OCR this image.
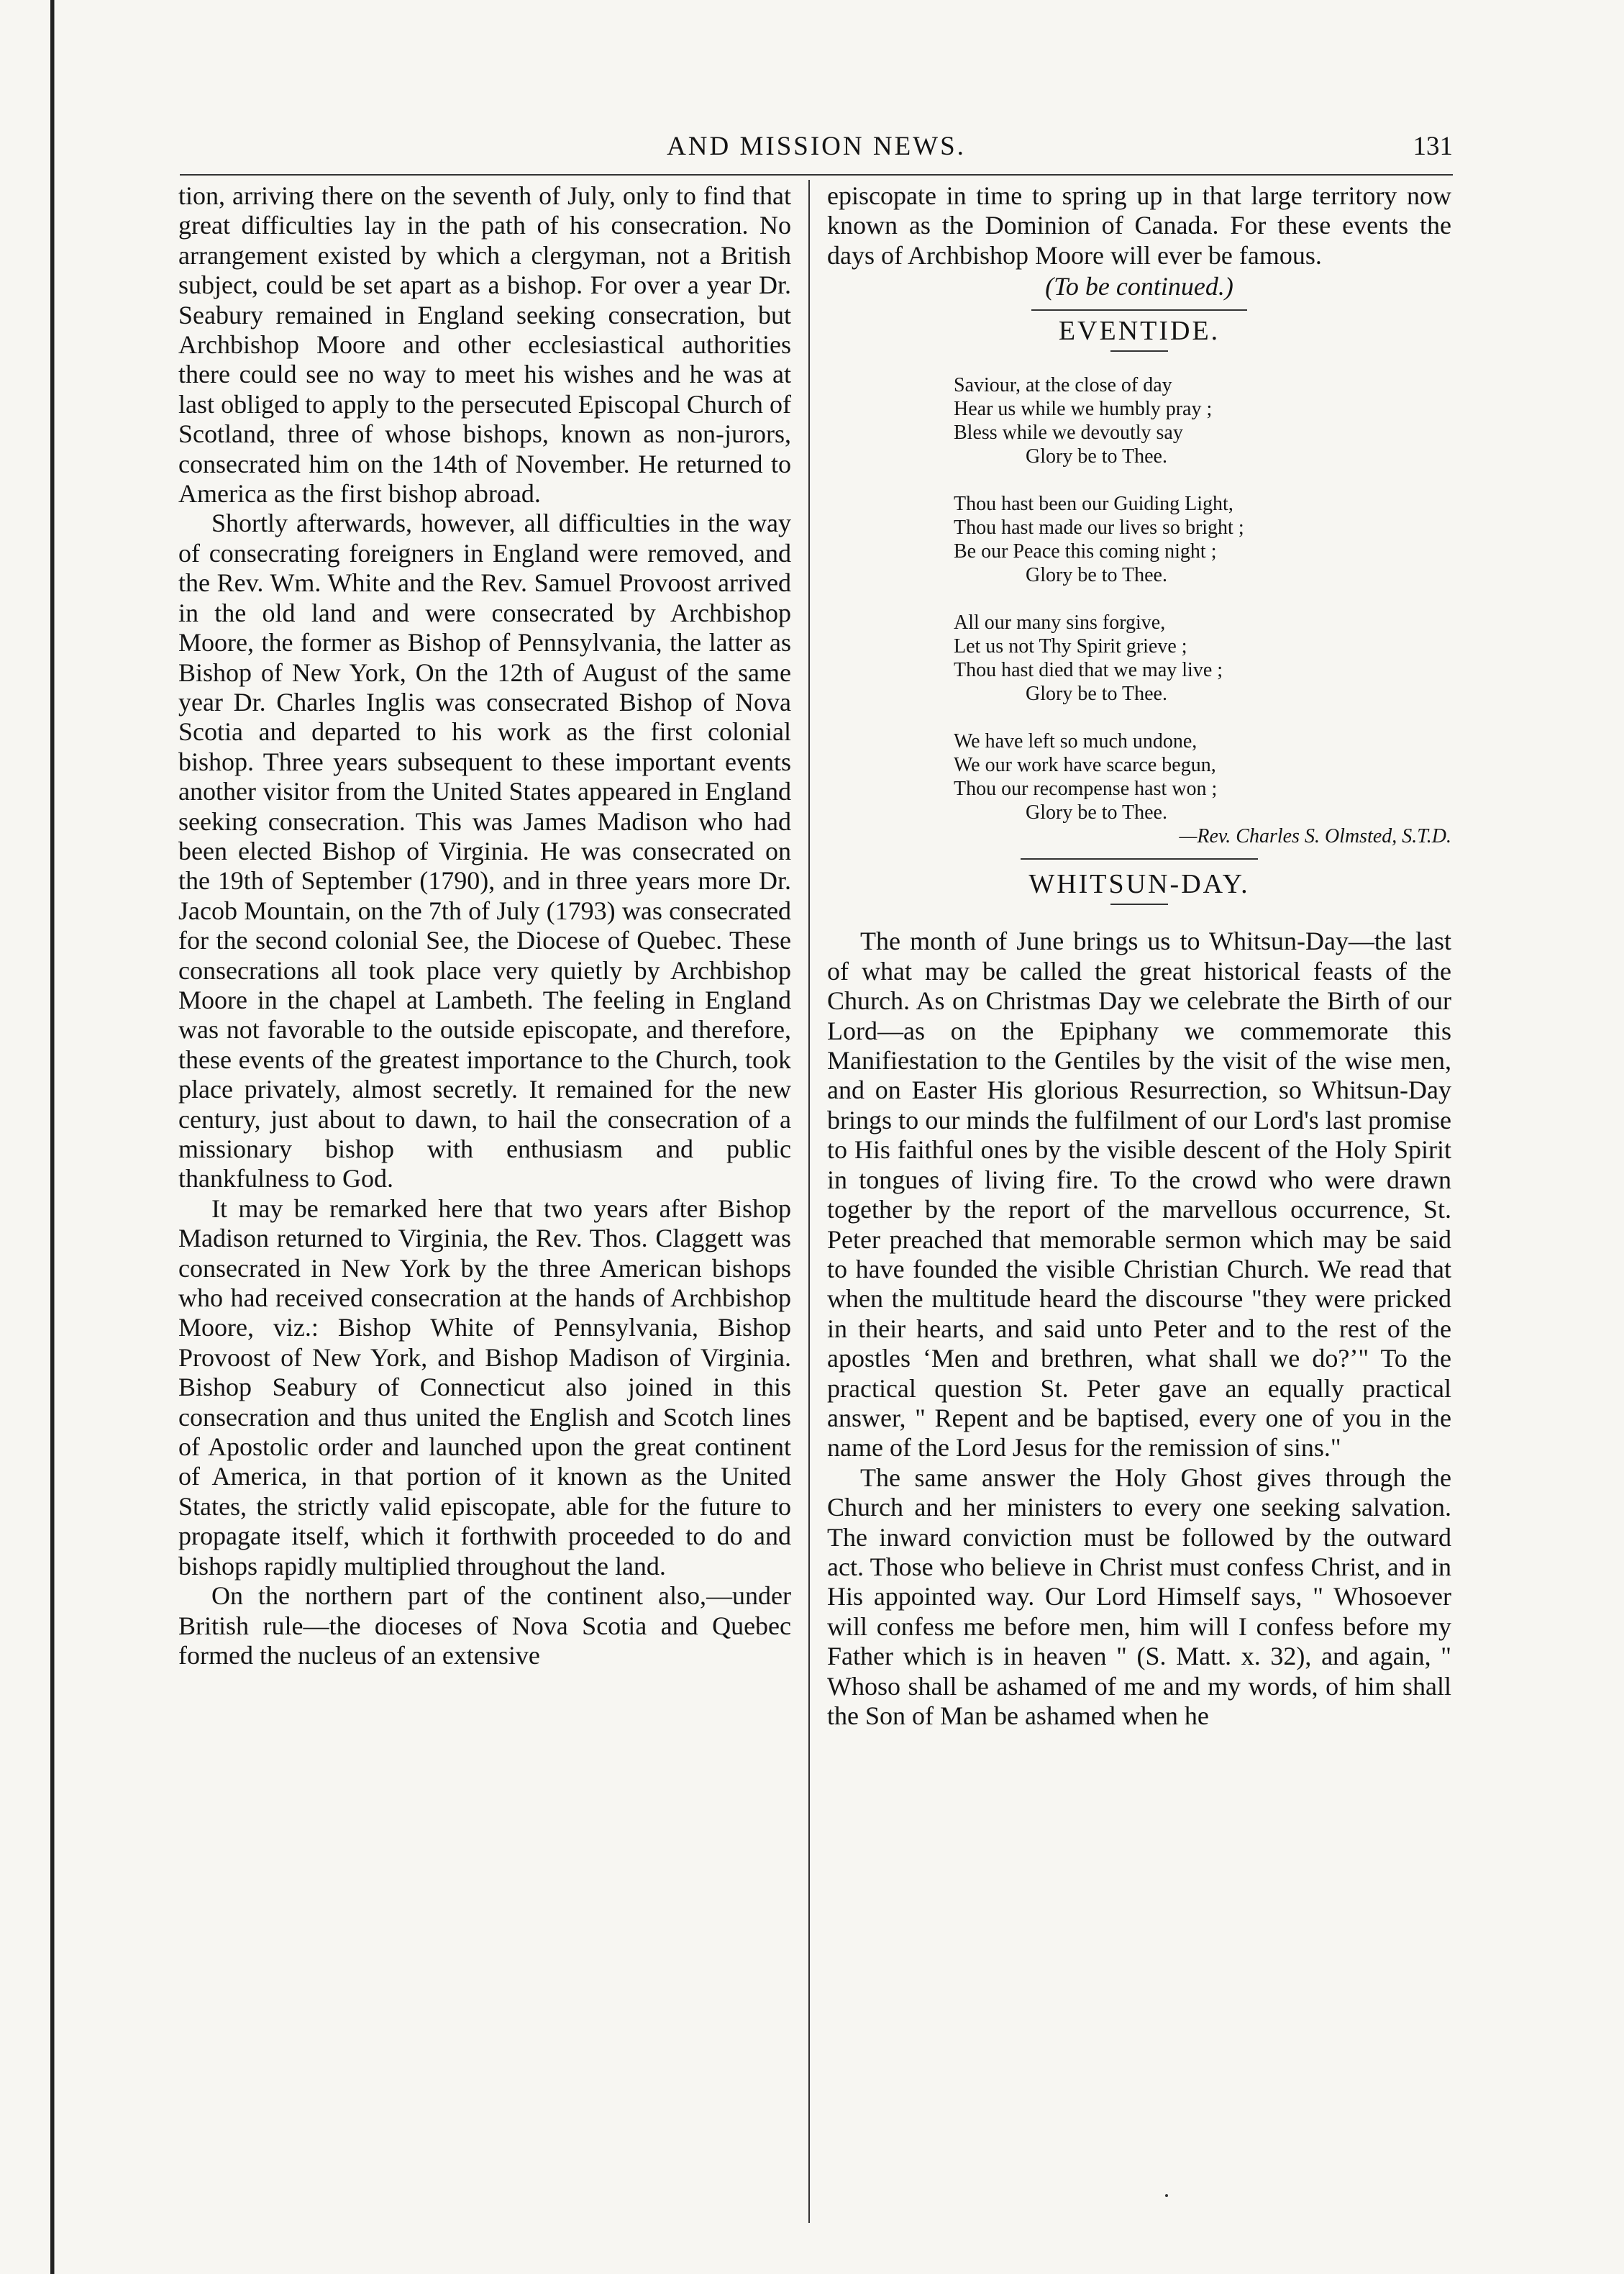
AND MISSION NEWS.	131

tion, arriving there on the seventh of July, only to find that great difficulties lay in the path of his consecration. No arrangement existed by which a clergyman, not a British subject, could be set apart as a bishop. For over a year Dr. Seabury remained in England seeking consecration, but Archbishop Moore and other ecclesiastical authorities there could see no way to meet his wishes and he was at last obliged to apply to the persecuted Episcopal Church of Scotland, three of whose bishops, known as non-jurors, consecrated him on the 14th of November. He returned to America as the first bishop abroad.

Shortly afterwards, however, all difficulties in the way of consecrating foreigners in England were removed, and the Rev. Wm. White and the Rev. Samuel Provoost arrived in the old land and were consecrated by Archbishop Moore, the former as Bishop of Pennsylvania, the latter as Bishop of New York, On the 12th of August of the same year Dr. Charles Inglis was consecrated Bishop of Nova Scotia and departed to his work as the first colonial bishop. Three years subsequent to these important events another visitor from the United States appeared in England seeking consecration. This was James Madison who had been elected Bishop of Virginia. He was consecrated on the 19th of September (1790), and in three years more Dr. Jacob Mountain, on the 7th of July (1793) was consecrated for the second colonial See, the Diocese of Quebec. These consecrations all took place very quietly by Archbishop Moore in the chapel at Lambeth. The feeling in England was not favorable to the outside episcopate, and therefore, these events of the greatest importance to the Church, took place privately, almost secretly. It remained for the new century, just about to dawn, to hail the consecration of a missionary bishop with enthusiasm and public thankfulness to God.

It may be remarked here that two years after Bishop Madison returned to Virginia, the Rev. Thos. Claggett was consecrated in New York by the three American bishops who had received consecration at the hands of Archbishop Moore, viz.: Bishop White of Pennsylvania, Bishop Provoost of New York, and Bishop Madison of Virginia. Bishop Seabury of Connecticut also joined in this consecration and thus united the English and Scotch lines of Apostolic order and launched upon the great continent of America, in that portion of it known as the United States, the strictly valid episcopate, able for the future to propagate itself, which it forthwith proceeded to do and bishops rapidly multiplied throughout the land.

On the northern part of the continent also,—under British rule—the dioceses of Nova Scotia and Quebec formed the nucleus of an extensive

episcopate in time to spring up in that large territory now known as the Dominion of Canada. For these events the days of Archbishop Moore will ever be famous.

(To be continued.)
EVENTIDE.
Saviour, at the close of day
Hear us while we humbly pray ;
Bless while we devoutly say
Glory be to Thee.
Thou hast been our Guiding Light,
Thou hast made our lives so bright ;
Be our Peace this coming night ;
Glory be to Thee.
All our many sins forgive,
Let us not Thy Spirit grieve ;
Thou hast died that we may live ;
Glory be to Thee.
We have left so much undone,
We our work have scarce begun,
Thou our recompense hast won ;
Glory be to Thee.
—Rev. Charles S. Olmsted, S.T.D.
WHITSUN-DAY.

The month of June brings us to Whitsun-Day—the last of what may be called the great historical feasts of the Church. As on Christmas Day we celebrate the Birth of our Lord—as on the Epiphany we commemorate this Manifiestation to the Gentiles by the visit of the wise men, and on Easter His glorious Resurrection, so Whitsun-Day brings to our minds the fulfilment of our Lord's last promise to His faithful ones by the visible descent of the Holy Spirit in tongues of living fire. To the crowd who were drawn together by the report of the marvellous occurrence, St. Peter preached that memorable sermon which may be said to have founded the visible Christian Church. We read that when the multitude heard the discourse "they were pricked in their hearts, and said unto Peter and to the rest of the apostles ‘Men and brethren, what shall we do?’" To the practical question St. Peter gave an equally practical answer, " Repent and be baptised, every one of you in the name of the Lord Jesus for the remission of sins."

The same answer the Holy Ghost gives through the Church and her ministers to every one seeking salvation. The inward conviction must be followed by the outward act. Those who believe in Christ must confess Christ, and in His appointed way. Our Lord Himself says, " Whosoever will confess me before men, him will I confess before my Father which is in heaven " (S. Matt. x. 32), and again, " Whoso shall be ashamed of me and my words, of him shall the Son of Man be ashamed when he
